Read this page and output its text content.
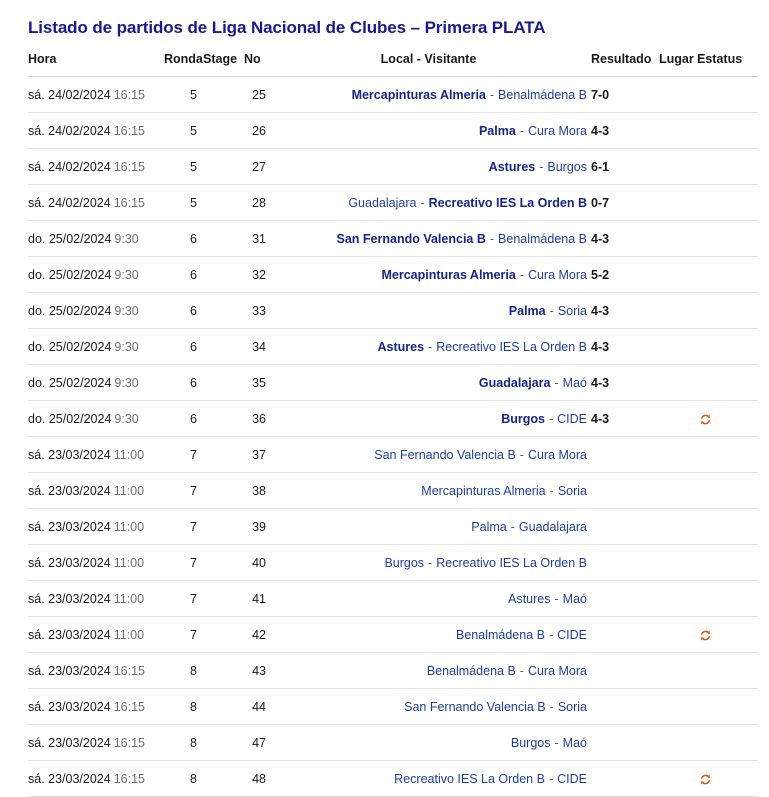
Listado de partidos de Liga Nacional de Clubes – Primera PLATA
Hora	Ronda	Stage	No	Local - Visitante	Resultado	Lugar	Estatus
sá. 24/02/2024 16:15	5		25	Mercapinturas Almeria - Benalmádena B	7-0		
sá. 24/02/2024 16:15	5		26	Palma - Cura Mora	4-3		
sá. 24/02/2024 16:15	5		27	Astures - Burgos	6-1		
sá. 24/02/2024 16:15	5		28	Guadalajara - Recreativo IES La Orden B	0-7		
do. 25/02/2024 9:30	6		31	San Fernando Valencia B - Benalmádena B	4-3		
do. 25/02/2024 9:30	6		32	Mercapinturas Almeria - Cura Mora	5-2		
do. 25/02/2024 9:30	6		33	Palma - Soria	4-3		
do. 25/02/2024 9:30	6		34	Astures - Recreativo IES La Orden B	4-3		
do. 25/02/2024 9:30	6		35	Guadalajara - Maó	4-3		
do. 25/02/2024 9:30	6		36	Burgos - CIDE	4-3		

sá. 23/03/2024 11:00	7		37	San Fernando Valencia B - Cura Mora			
sá. 23/03/2024 11:00	7		38	Mercapinturas Almeria - Soria			
sá. 23/03/2024 11:00	7		39	Palma - Guadalajara			
sá. 23/03/2024 11:00	7		40	Burgos - Recreativo IES La Orden B			
sá. 23/03/2024 11:00	7		41	Astures - Maó			
sá. 23/03/2024 11:00	7		42	Benalmádena B - CIDE			

sá. 23/03/2024 16:15	8		43	Benalmádena B - Cura Mora			
sá. 23/03/2024 16:15	8		44	San Fernando Valencia B - Soria			
sá. 23/03/2024 16:15	8		47	Burgos - Maó			
sá. 23/03/2024 16:15	8		48	Recreativo IES La Orden B - CIDE			
